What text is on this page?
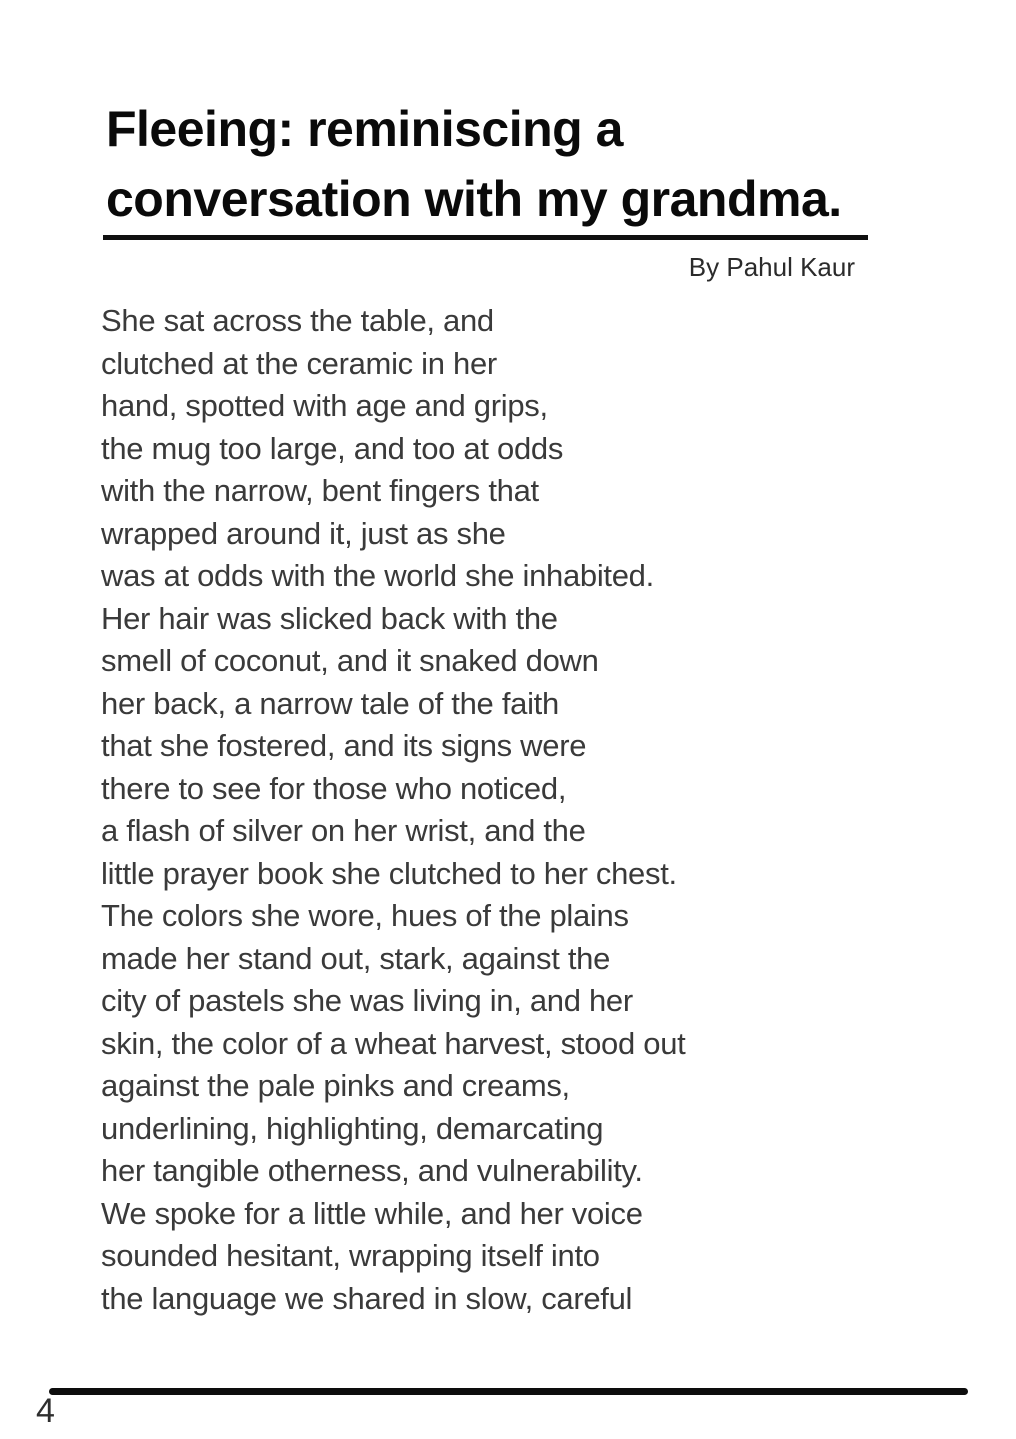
Fleeing: reminiscing a
conversation with my grandma.
By Pahul Kaur
She sat across the table, and
clutched at the ceramic in her
hand, spotted with age and grips,
the mug too large, and too at odds
with the narrow, bent fingers that
wrapped around it, just as she
was at odds with the world she inhabited.
Her hair was slicked back with the
smell of coconut, and it snaked down
her back, a narrow tale of the faith
that she fostered, and its signs were
there to see for those who noticed,
a flash of silver on her wrist, and the
little prayer book she clutched to her chest.
The colors she wore, hues of the plains
made her stand out, stark, against the
city of pastels she was living in, and her
skin, the color of a wheat harvest, stood out
against the pale pinks and creams,
underlining, highlighting, demarcating
her tangible otherness, and vulnerability.
We spoke for a little while, and her voice
sounded hesitant, wrapping itself into
the language we shared in slow, careful
4
